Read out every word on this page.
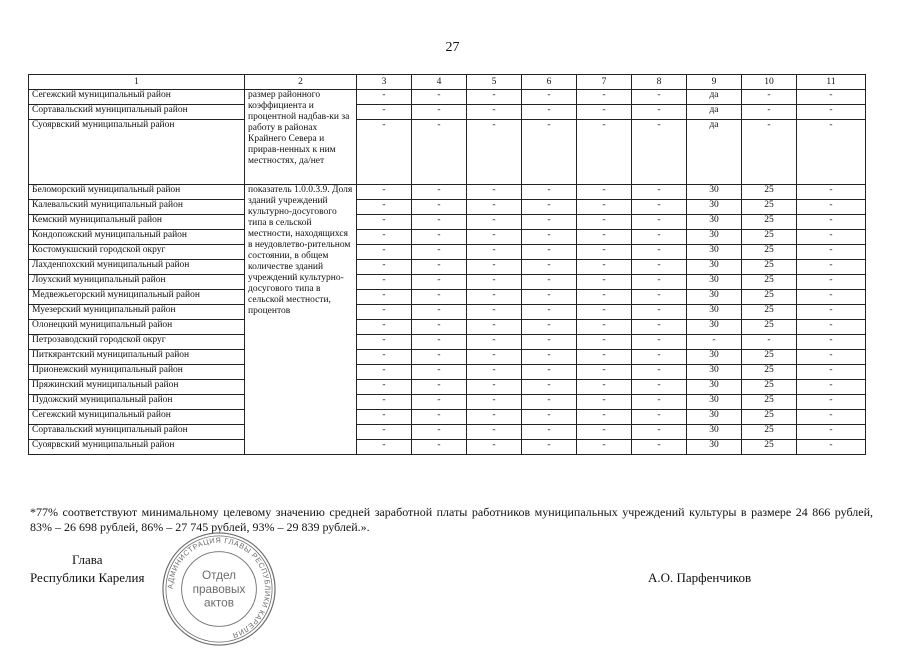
27
1	2	3	4	5	6	7	8	9	10	11
Сегежский муниципальный район	размер районного коэффициента и процентной надбав-ки за работу в районах Крайнего Севера и прирав-ненных к ним местностях, да/нет	-	-	-	-	-	-	да	-	-
Сортавальский муниципальный район		-	-	-	-	-	-	да	-	-
Суоярвский муниципальный район		-	-	-	-	-	-	да	-	-
Беломорский муниципальный район	показатель 1.0.0.3.9. Доля зданий учреждений культурно-досугового типа в сельской местности, находящихся в неудовлетво-рительном состоянии, в общем количестве зданий учреждений культурно-досугового типа в сельской местности, процентов	-	-	-	-	-	-	30	25	-
Калевальский муниципальный район		-	-	-	-	-	-	30	25	-
Кемский муниципальный район		-	-	-	-	-	-	30	25	-
Кондопожский муниципальный район		-	-	-	-	-	-	30	25	-
Костомукшский городской округ		-	-	-	-	-	-	30	25	-
Лахденпохский муниципальный район		-	-	-	-	-	-	30	25	-
Лоухский муниципальный район		-	-	-	-	-	-	30	25	-
Медвежьегорский муниципальный район		-	-	-	-	-	-	30	25	-
Муезерский муниципальный район		-	-	-	-	-	-	30	25	-
Олонецкий муниципальный район		-	-	-	-	-	-	30	25	-
Петрозаводский городской округ		-	-	-	-	-	-	-	-	-
Питкярантский муниципальный район		-	-	-	-	-	-	30	25	-
Прионежский муниципальный район		-	-	-	-	-	-	30	25	-
Пряжинский муниципальный район		-	-	-	-	-	-	30	25	-
Пудожский муниципальный район		-	-	-	-	-	-	30	25	-
Сегежский муниципальный район		-	-	-	-	-	-	30	25	-
Сортавальский муниципальный район		-	-	-	-	-	-	30	25	-
Суоярвский муниципальный район		-	-	-	-	-	-	30	25	-
*77% соответствуют минимальному целевому значению средней заработной платы работников муниципальных учреждений культуры в размере 24 866 рублей, 83% – 26 698 рублей, 86% – 27 745 рублей, 93% – 29 839 рублей.».
Глава
Республики Карелия	А.О. Парфенчиков
АДМИНИСТРАЦИЯ ГЛАВЫ РЕСПУБЛИКИ КАРЕЛИЯ
Отдел
правовых
актов
